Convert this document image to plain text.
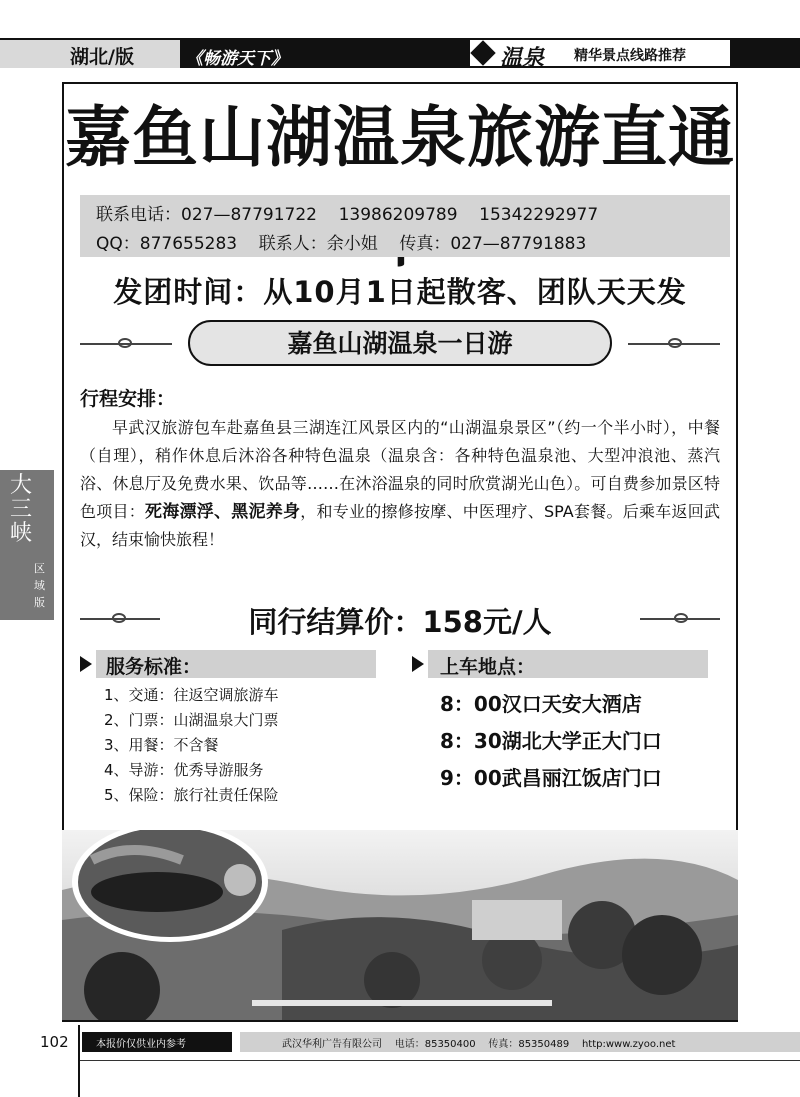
湖北/版	《畅游天下》	温泉 精华景点线路推荐
嘉鱼山湖温泉旅游直通
联系电话：027—87791722    13986209789    15342292977
QQ：877655283    联系人：余小姐    传真：027—87791883
发团时间：从10月1日起散客、团队天天发
嘉鱼山湖温泉一日游
行程安排：
早武汉旅游包车赴嘉鱼县三湖连江风景区内的“山湖温泉景区”（约一个半小时），中餐（自理），稍作休息后沐浴各种特色温泉（温泉含：各种特色温泉池、大型冲浪池、蒸汽浴、休息厅及免费水果、饮品等……在沐浴温泉的同时欣赏湖光山色）。可自费参加景区特色项目：死海漂浮、黑泥养身，和专业的擦修按摩、中医理疗、SPA套餐。后乘车返回武汉，结束愉快旅程！
同行结算价：158元/人
服务标准：
1、交通：往返空调旅游车
2、门票：山湖温泉大门票
3、用餐：不含餐
4、导游：优秀导游服务
5、保险：旅行社责任保险
上车地点：
8：00汉口天安大酒店
8：30湖北大学正大门口
9：00武昌丽江饭店门口
大三峡
区域版
102	本报价仅供业内参考	武汉华利广告有限公司    电话：85350400    传真：85350489    http:www.zyoo.net
